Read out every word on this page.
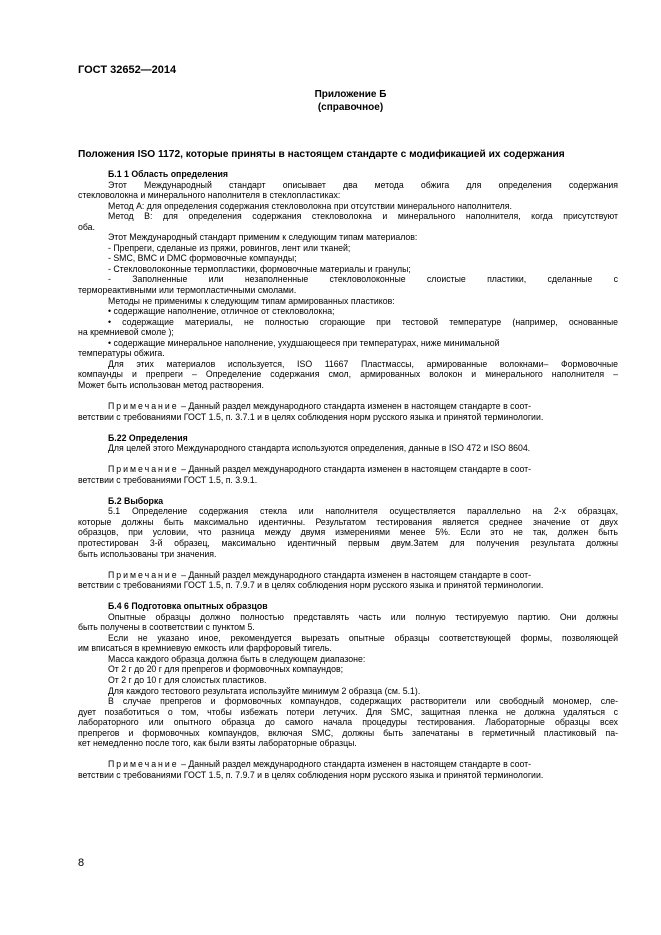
ГОСТ 32652—2014
Приложение Б
(справочное)
Положения ISO 1172, которые приняты в настоящем стандарте с модификацией их содержания
Б.1 1 Область определения

Этот Международный стандарт описывает два метода обжига для определения содержания

стекловолокна и минерального наполнителя в стеклопластиках:

Метод А: для определения содержания стекловолокна при отсутствии минерального наполнителя.

Метод В: для определения содержания стекловолокна и минерального наполнителя, когда присутствуют

оба.

Этот Международный стандарт применим к следующим типам материалов:

- Препреги, сделаные из пряжи, ровингов, лент или тканей;

- SMC, ВМС и DMC формовочные компаунды;

- Стекловолоконные термопластики, формовочные материалы и гранулы;

-     Заполненные     или     незаполненные     стекловолоконные     слоистые     пластики,     сделанные     с

термореактивными или термопластичными смолами.

Методы не применимы к следующим типам армированных пластиков:

• содержащие наполнение, отличное от стекловолокна;

• содержащие материалы, не полностью сгорающие при тестовой температуре (например, основанные

на кремниевой смоле );

• содержащие минеральное наполнение, ухудшающееся при температурах, ниже минимальной

температуры обжига.

Для этих материалов используется, ISO 11667 Пластмассы, армированные волокнами– Формовочные

компаунды и препреги – Определение содержания смол, армированных волокон и минерального наполнителя –

Может быть использован метод растворения.

Примечание – Данный раздел международного стандарта изменен в настоящем стандарте в соот-

ветствии с требованиями ГОСТ 1.5, п. 3.7.1 и в целях соблюдения норм русского языка и принятой терминологии.

Б.22 Определения

Для целей этого Международного стандарта используются определения, данные в ISO 472 и ISO 8604.

Примечание – Данный раздел международного стандарта изменен в настоящем стандарте в соот-

ветствии с требованиями ГОСТ 1.5, п. 3.9.1.

Б.2 Выборка

5.1 Определение содержания стекла или наполнителя осуществляется параллельно на 2-х образцах,

которые должны быть максимально идентичны. Результатом тестирования является среднее значение от двух

образцов, при условии, что разница между двумя измерениями менее 5%. Если это не так, должен быть

протестирован 3-й образец, максимально идентичный первым двум.Затем для получения результата должны

быть использованы три значения.

Примечание – Данный раздел международного стандарта изменен в настоящем стандарте в соот-

ветствии с требованиями ГОСТ 1.5, п. 7.9.7 и в целях соблюдения норм русского языка и принятой терминологии.

Б.4 6 Подготовка опытных образцов

Опытные образцы должно полностью представлять часть или полную тестируемую партию. Они должны

быть получены в соответствии с пунктом 5.

Если не указано иное, рекомендуется вырезать опытные образцы соответствующей формы, позволяющей

им вписаться в кремниевую емкость или фарфоровый тигель.

Масса каждого образца должна быть в следующем диапазоне:

От 2 г до 20 г для препрегов и формовочных компаундов;

От 2 г до 10 г для слоистых пластиков.

Для каждого тестового результата используйте минимум 2 образца (см. 5.1).

В случае препрегов и формовочных компаундов, содержащих растворители или свободный мономер, сле-

дует позаботиться о том, чтобы избежать потери летучих. Для SMC, защитная пленка не должна удаляться с

лабораторного или опытного образца до самого начала процедуры тестирования. Лабораторные образцы всех

препрегов и формовочных компаундов, включая SMC, должны быть запечатаны в герметичный пластиковый па-

кет немедленно после того, как были взяты лабораторные образцы.

Примечание – Данный раздел международного стандарта изменен в настоящем стандарте в соот-

ветствии с требованиями ГОСТ 1.5, п. 7.9.7 и в целях соблюдения норм русского языка и принятой терминологии.

8
